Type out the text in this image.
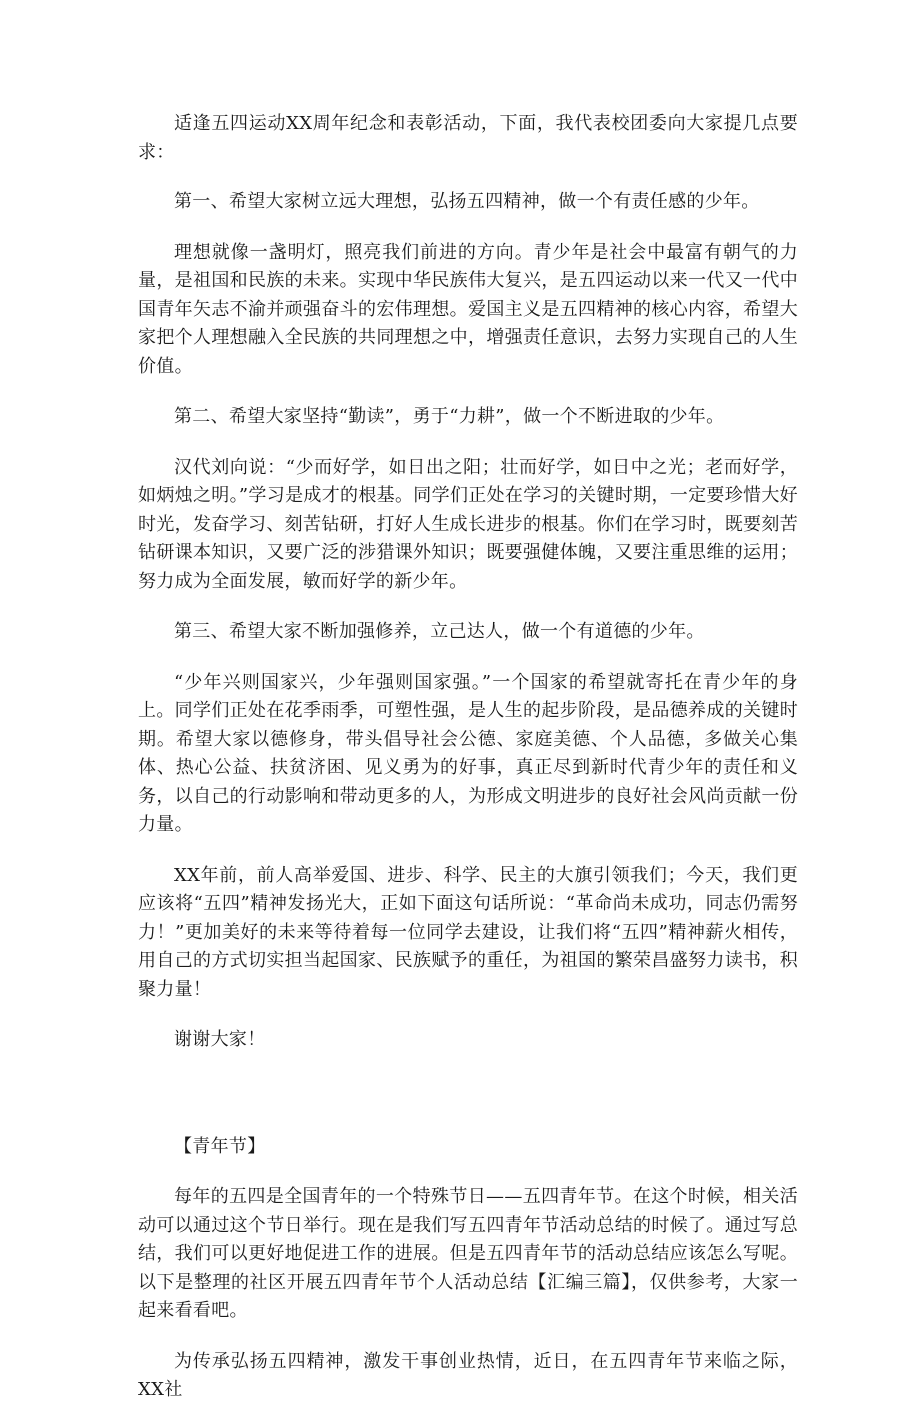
适逢五四运动XX周年纪念和表彰活动，下面，我代表校团委向大家提几点要求：

第一、希望大家树立远大理想，弘扬五四精神，做一个有责任感的少年。

理想就像一盏明灯，照亮我们前进的方向。青少年是社会中最富有朝气的力量，是祖国和民族的未来。实现中华民族伟大复兴，是五四运动以来一代又一代中国青年矢志不渝并顽强奋斗的宏伟理想。爱国主义是五四精神的核心内容，希望大家把个人理想融入全民族的共同理想之中，增强责任意识，去努力实现自己的人生价值。

第二、希望大家坚持“勤读”，勇于“力耕”，做一个不断进取的少年。

汉代刘向说：“少而好学，如日出之阳；壮而好学，如日中之光；老而好学，如炳烛之明。”学习是成才的根基。同学们正处在学习的关键时期，一定要珍惜大好时光，发奋学习、刻苦钻研，打好人生成长进步的根基。你们在学习时，既要刻苦钻研课本知识，又要广泛的涉猎课外知识；既要强健体魄，又要注重思维的运用；努力成为全面发展，敏而好学的新少年。

第三、希望大家不断加强修养，立己达人，做一个有道德的少年。

“少年兴则国家兴，少年强则国家强。”一个国家的希望就寄托在青少年的身上。同学们正处在花季雨季，可塑性强，是人生的起步阶段，是品德养成的关键时期。希望大家以德修身，带头倡导社会公德、家庭美德、个人品德，多做关心集体、热心公益、扶贫济困、见义勇为的好事，真正尽到新时代青少年的责任和义务，以自己的行动影响和带动更多的人，为形成文明进步的良好社会风尚贡献一份力量。

XX年前，前人高举爱国、进步、科学、民主的大旗引领我们；今天，我们更应该将“五四”精神发扬光大，正如下面这句话所说：“革命尚未成功，同志仍需努力！”更加美好的未来等待着每一位同学去建设，让我们将“五四”精神薪火相传，用自己的方式切实担当起国家、民族赋予的重任，为祖国的繁荣昌盛努力读书，积聚力量！

谢谢大家！

【青年节】

每年的五四是全国青年的一个特殊节日——五四青年节。在这个时候，相关活动可以通过这个节日举行。现在是我们写五四青年节活动总结的时候了。通过写总结，我们可以更好地促进工作的进展。但是五四青年节的活动总结应该怎么写呢。以下是整理的社区开展五四青年节个人活动总结【汇编三篇】，仅供参考，大家一起来看看吧。

为传承弘扬五四精神，激发干事创业热情，近日，在五四青年节来临之际，XX社
